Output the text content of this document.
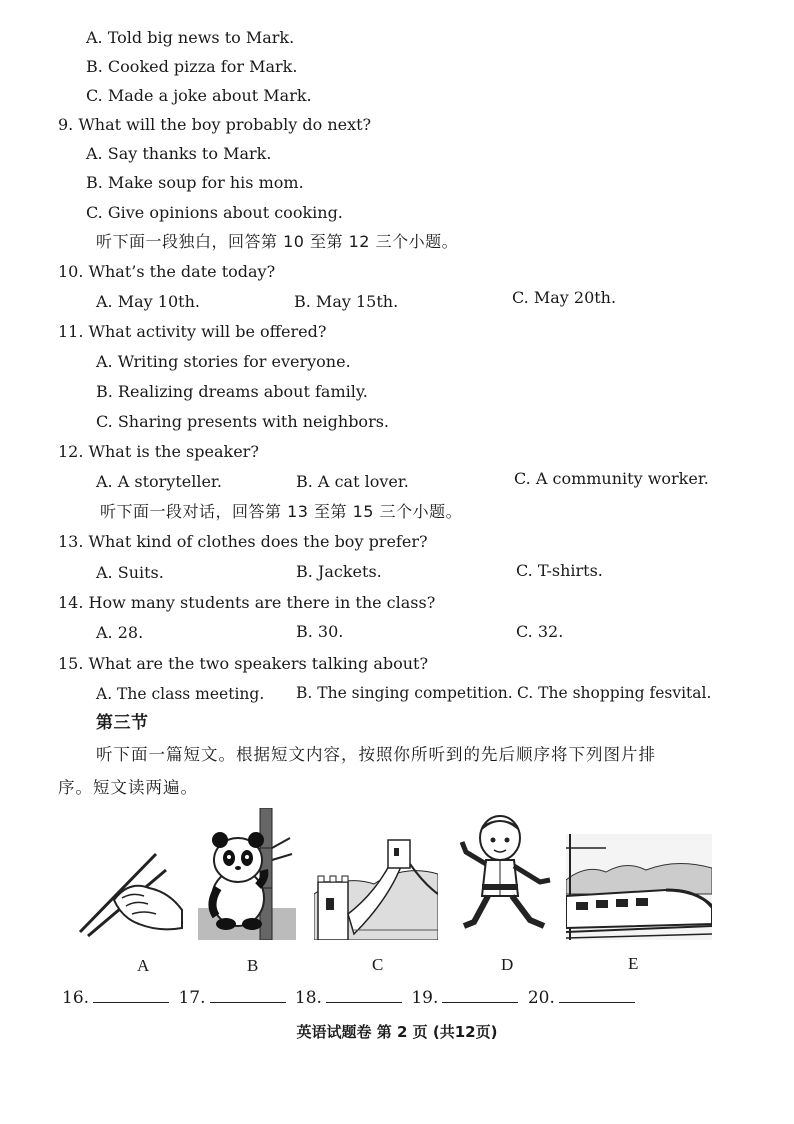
A. Told big news to Mark.
B. Cooked pizza for Mark.
C. Made a joke about Mark.
9. What will the boy probably do next?
A. Say thanks to Mark.
B. Make soup for his mom.
C. Give opinions about cooking.
听下面一段独白，回答第 10 至第 12 三个小题。
10. What’s the date today?
A. May 10th.	B. May 15th.	C. May 20th.
11. What activity will be offered?
A. Writing stories for everyone.
B. Realizing dreams about family.
C. Sharing presents with neighbors.
12. What is the speaker?
A. A storyteller.	B. A cat lover.	C. A community worker.
听下面一段对话，回答第 13 至第 15 三个小题。
13. What kind of clothes does the boy prefer?
A. Suits.	B. Jackets.	C. T-shirts.
14. How many students are there in the class?
A. 28.	B. 30.	C. 32.
15. What are the two speakers talking about?
A. The class meeting. B. The singing competition. C. The shopping fesvital.
第三节
听下面一篇短文。根据短文内容，按照你所听到的先后顺序将下列图片排
序。短文读两遍。
A	B	C	D	E
16.	17.	18.	19.	20.
英语试题卷 第 2 页 (共12页)
